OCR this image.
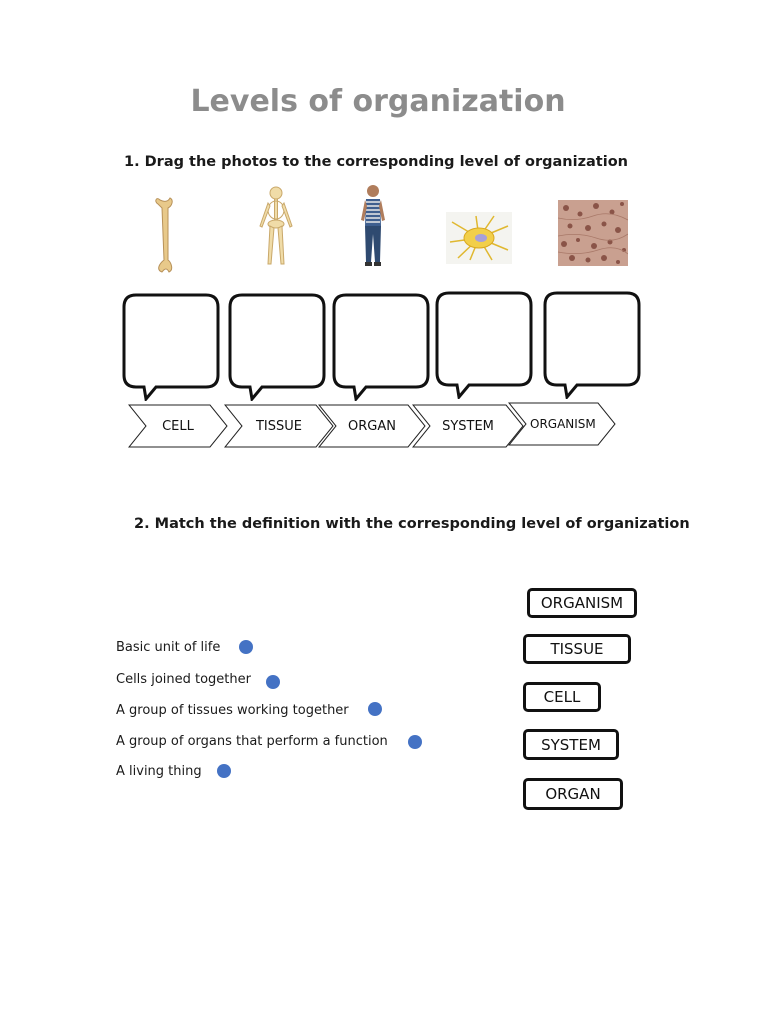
Levels of organization
1. Drag the photos to the corresponding level of organization
CELL	TISSUE	ORGAN	SYSTEM	ORGANISM
2. Match the definition with the corresponding level of organization
Basic unit of life
Cells joined together
A group of tissues working together
A group of organs that perform a function
A living thing
ORGANISM
TISSUE
CELL
SYSTEM
ORGAN
